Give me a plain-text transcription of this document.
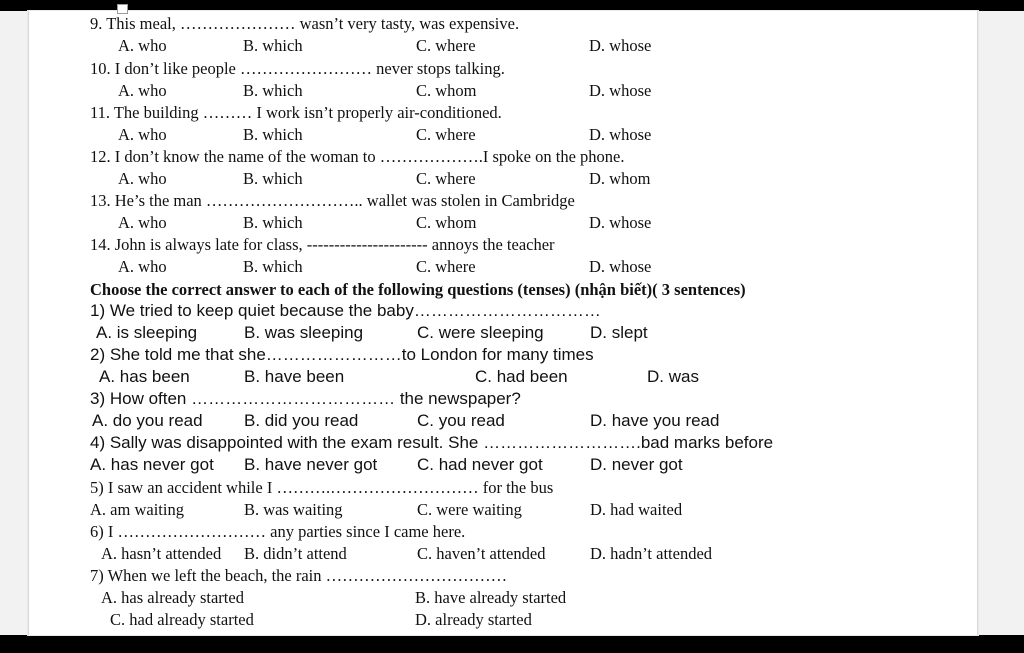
9. This meal, ………………… wasn’t very tasty, was expensive.
A. who	B. which	C. where	D. whose
10. I don’t like people …………………… never stops talking.
A. who	B. which	C. whom	D. whose
11. The building ……… I work isn’t properly air-conditioned.
A. who	B. which	C. where	D. whose
12. I don’t know the name of the woman to ……………….I spoke on the phone.
A. who	B. which	C. where	D. whom
13. He’s the man ……………………….. wallet was stolen in Cambridge
A. who	B. which	C. whom	D. whose
14. John is always late for class, ---------------------- annoys the teacher
A. who	B. which	C. where	D. whose
Choose the correct answer to each of the following questions (tenses) (nhận biết)( 3 sentences)
1) We tried to keep quiet because the baby……………………………
A. is sleeping	B. was sleeping	C. were sleeping	D. slept
2) She told me that she……………………to London for many times
A. has been	B. have been	C. had been	D. was
3) How often ……………………………… the newspaper?
A. do you read B. did you read	C. you read	D. have you read
4) Sally was disappointed with the exam result. She ……………………….bad marks before
A. has never got B. have never got C. had never got	D. never got
5) I saw an accident while I ……….……………………… for the bus
A. am waiting	B. was waiting	C. were waiting	D. had waited
6) I ……………………… any parties since I came here.
A. hasn’t attended B. didn’t attend	C. haven’t attended	D. hadn’t attended
7) When we left the beach, the rain ……………………………
A. has already started	B. have already started
C. had already started	D. already started
